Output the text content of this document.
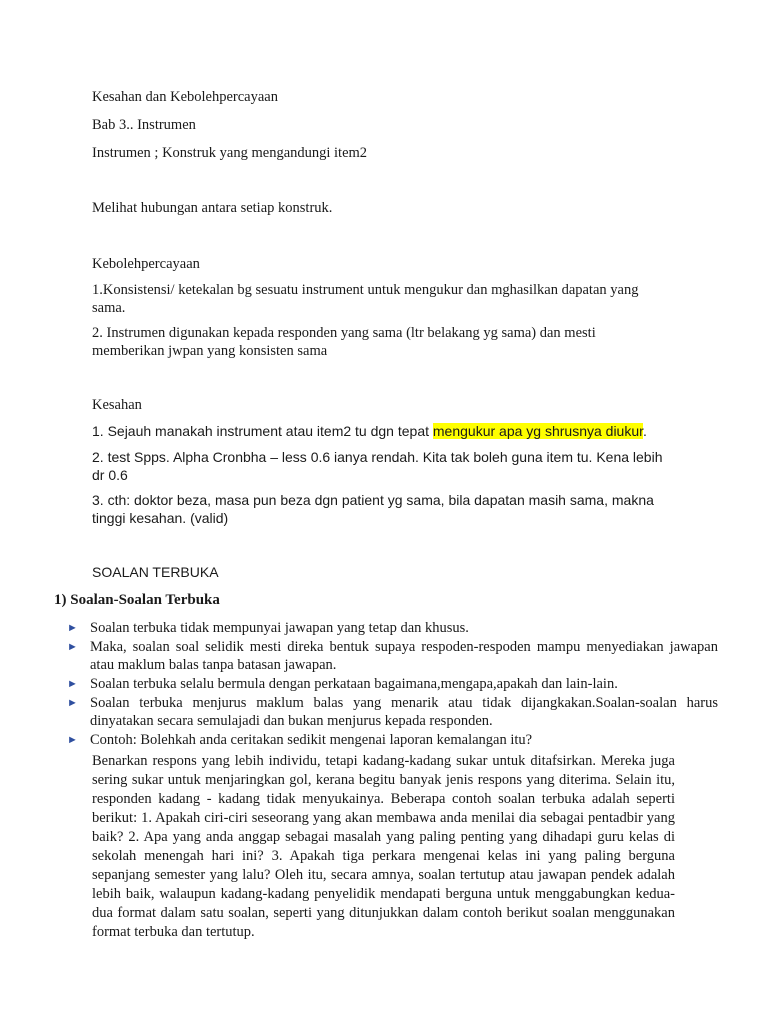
Kesahan dan Kebolehpercayaan

Bab 3.. Instrumen

Instrumen ; Konstruk yang mengandungi item2

Melihat hubungan antara setiap konstruk.

Kebolehpercayaan

1.Konsistensi/ ketekalan bg sesuatu instrument untuk mengukur dan mghasilkan dapatan yang sama.

2. Instrumen digunakan kepada responden yang sama (ltr belakang yg sama) dan mesti memberikan jwpan yang konsisten sama

Kesahan

1. Sejauh manakah instrument atau item2 tu dgn tepat mengukur apa yg shrusnya diukur.

2. test Spps. Alpha Cronbha – less 0.6 ianya rendah. Kita tak boleh guna item tu. Kena lebih dr 0.6

3. cth: doktor beza, masa pun beza dgn patient yg sama, bila dapatan masih sama, makna tinggi kesahan. (valid)

SOALAN TERBUKA

1) Soalan-Soalan Terbuka

► Soalan terbuka tidak mempunyai jawapan yang tetap dan khusus.
► Maka, soalan soal selidik mesti direka bentuk supaya respoden-respoden mampu menyediakan jawapan atau maklum balas tanpa batasan jawapan.
► Soalan terbuka selalu bermula dengan perkataan bagaimana,mengapa,apakah dan lain-lain.
► Soalan terbuka menjurus maklum balas yang menarik atau tidak dijangkakan.Soalan-soalan harus dinyatakan secara semulajadi dan bukan menjurus kepada responden.
► Contoh: Bolehkah anda ceritakan sedikit mengenai laporan kemalangan itu?

Benarkan respons yang lebih individu, tetapi kadang-kadang sukar untuk ditafsirkan. Mereka juga sering sukar untuk menjaringkan gol, kerana begitu banyak jenis respons yang diterima. Selain itu, responden kadang - kadang tidak menyukainya. Beberapa contoh soalan terbuka adalah seperti berikut: 1. Apakah ciri-ciri seseorang yang akan membawa anda menilai dia sebagai pentadbir yang baik? 2. Apa yang anda anggap sebagai masalah yang paling penting yang dihadapi guru kelas di sekolah menengah hari ini? 3. Apakah tiga perkara mengenai kelas ini yang paling berguna sepanjang semester yang lalu? Oleh itu, secara amnya, soalan tertutup atau jawapan pendek adalah lebih baik, walaupun kadang-kadang penyelidik mendapati berguna untuk menggabungkan kedua-dua format dalam satu soalan, seperti yang ditunjukkan dalam contoh berikut soalan menggunakan format terbuka dan tertutup.
